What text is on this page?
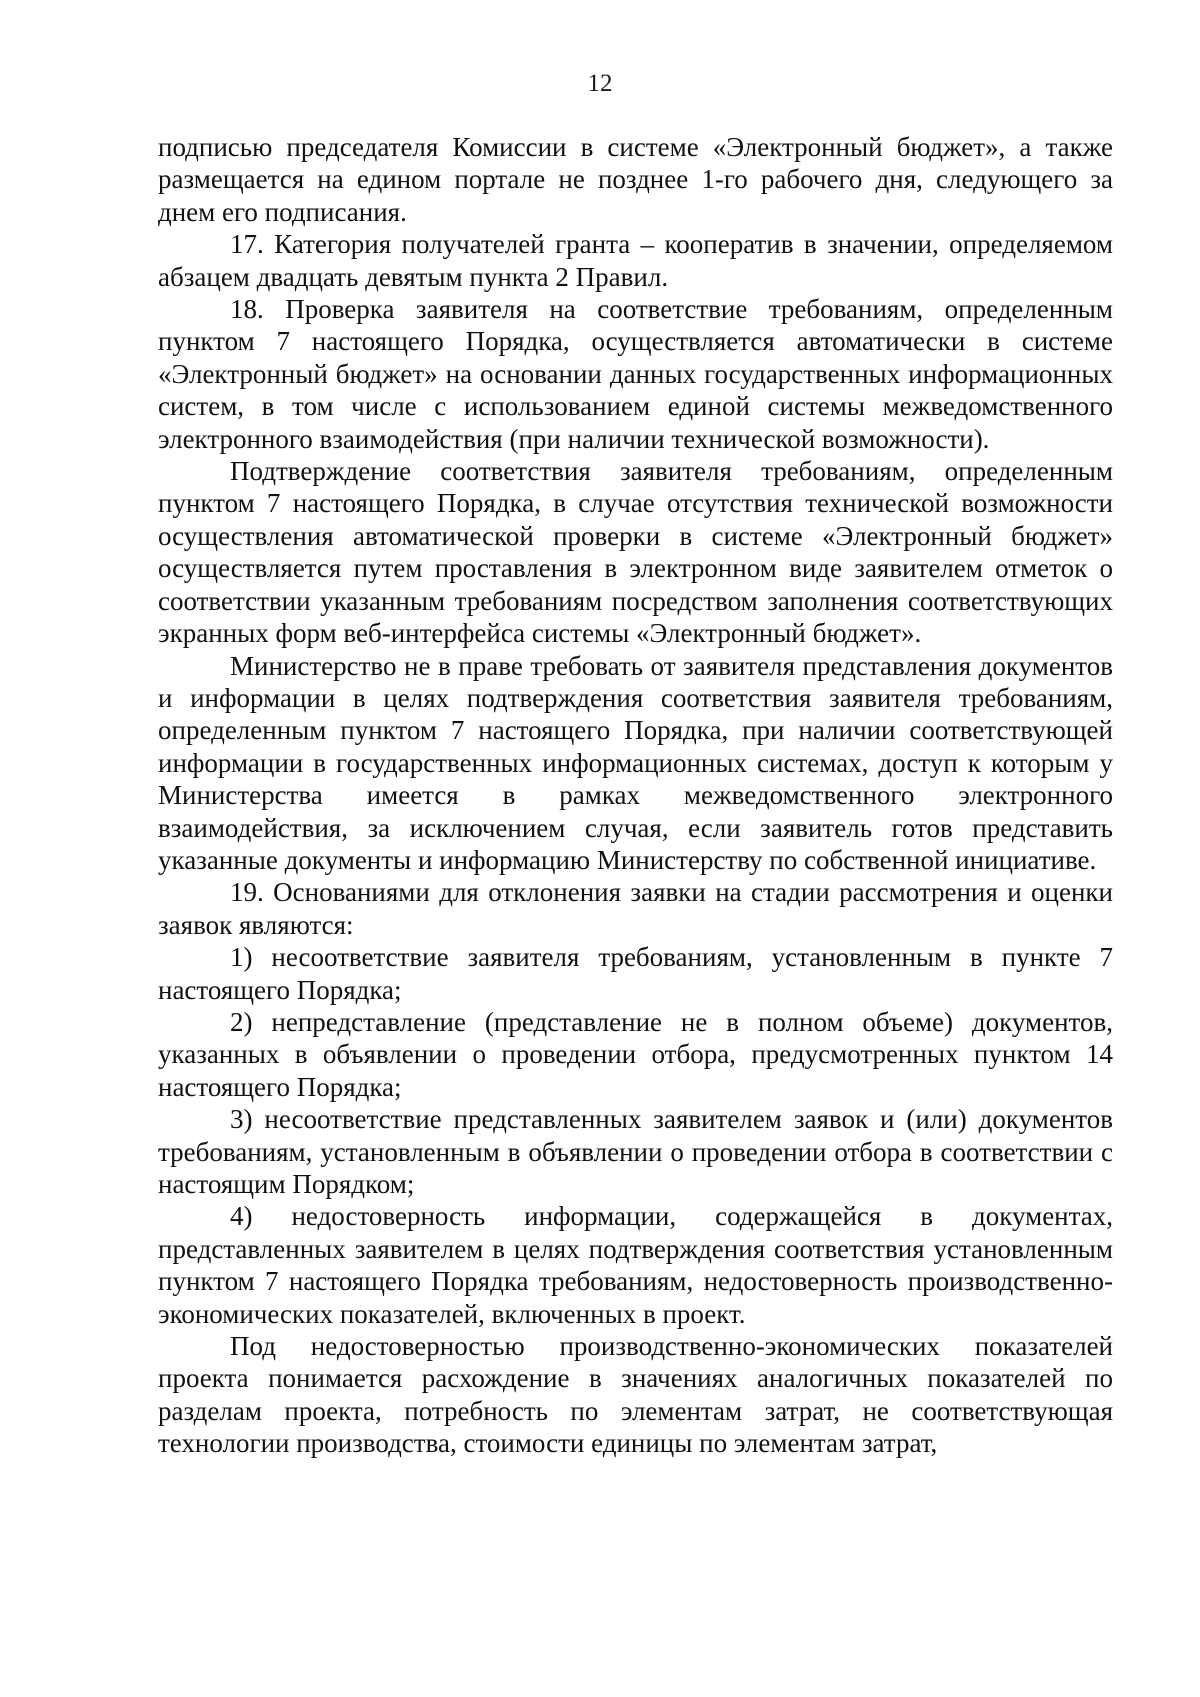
12

подписью председателя Комиссии в системе «Электронный бюджет», а также размещается на едином портале не позднее 1-го рабочего дня, следующего за днем его подписания.

17. Категория получателей гранта – кооператив в значении, определяемом абзацем двадцать девятым пункта 2 Правил.

18. Проверка заявителя на соответствие требованиям, определенным пунктом 7 настоящего Порядка, осуществляется автоматически в системе «Электронный бюджет» на основании данных государственных информационных систем, в том числе с использованием единой системы межведомственного электронного взаимодействия (при наличии технической возможности).

Подтверждение соответствия заявителя требованиям, определенным пунктом 7 настоящего Порядка, в случае отсутствия технической возможности осуществления автоматической проверки в системе «Электронный бюджет» осуществляется путем проставления в электронном виде заявителем отметок о соответствии указанным требованиям посредством заполнения соответствующих экранных форм веб-интерфейса системы «Электронный бюджет».

Министерство не в праве требовать от заявителя представления документов и информации в целях подтверждения соответствия заявителя требованиям, определенным пунктом 7 настоящего Порядка, при наличии соответствующей информации в государственных информационных системах, доступ к которым у Министерства имеется в рамках межведомственного электронного взаимодействия, за исключением случая, если заявитель готов представить указанные документы и информацию Министерству по собственной инициативе.

19. Основаниями для отклонения заявки на стадии рассмотрения и оценки заявок являются:

1) несоответствие заявителя требованиям, установленным в пункте 7 настоящего Порядка;

2) непредставление (представление не в полном объеме) документов, указанных в объявлении о проведении отбора, предусмотренных пунктом 14 настоящего Порядка;

3) несоответствие представленных заявителем заявок и (или) документов требованиям, установленным в объявлении о проведении отбора в соответствии с настоящим Порядком;

4) недостоверность информации, содержащейся в документах, представленных заявителем в целях подтверждения соответствия установленным пунктом 7 настоящего Порядка требованиям, недостоверность производственно-экономических показателей, включенных в проект.

Под недостоверностью производственно-экономических показателей проекта понимается расхождение в значениях аналогичных показателей по разделам проекта, потребность по элементам затрат, не соответствующая технологии производства, стоимости единицы по элементам затрат,
